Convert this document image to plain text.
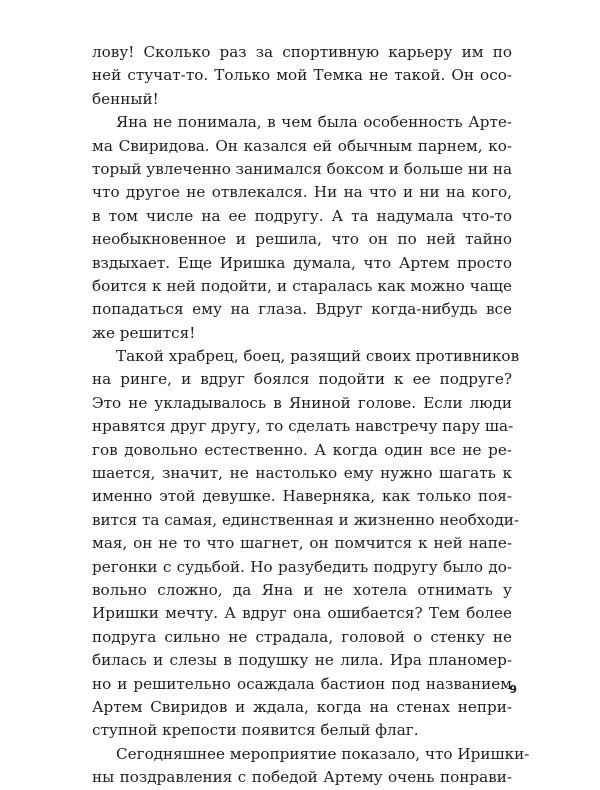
лову! Сколько раз за спортивную карьеру им по
ней стучат-то. Только мой Темка не такой. Он осо-
бенный!
Яна не понимала, в чем была особенность Арте-
ма Свиридова. Он казался ей обычным парнем, ко-
торый увлеченно занимался боксом и больше ни на
что другое не отвлекался. Ни на что и ни на кого,
в том числе на ее подругу. А та надумала что-то
необыкновенное и решила, что он по ней тайно
вздыхает. Еще Иришка думала, что Артем просто
боится к ней подойти, и старалась как можно чаще
попадаться ему на глаза. Вдруг когда-нибудь все
же решится!
Такой храбрец, боец, разящий своих противников
на ринге, и вдруг боялся подойти к ее подруге?
Это не укладывалось в Яниной голове. Если люди
нравятся друг другу, то сделать навстречу пару ша-
гов довольно естественно. А когда один все не ре-
шается, значит, не настолько ему нужно шагать к
именно этой девушке. Наверняка, как только поя-
вится та самая, единственная и жизненно необходи-
мая, он не то что шагнет, он помчится к ней напе-
регонки с судьбой. Но разубедить подругу было до-
вольно сложно, да Яна и не хотела отнимать у
Иришки мечту. А вдруг она ошибается? Тем более
подруга сильно не страдала, головой о стенку не
билась и слезы в подушку не лила. Ира планомер-
но и решительно осаждала бастион под названием
Артем Свиридов и ждала, когда на стенах непри-
ступной крепости появится белый флаг.
Сегодняшнее мероприятие показало, что Иришки-
ны поздравления с победой Артему очень понрави-
9
